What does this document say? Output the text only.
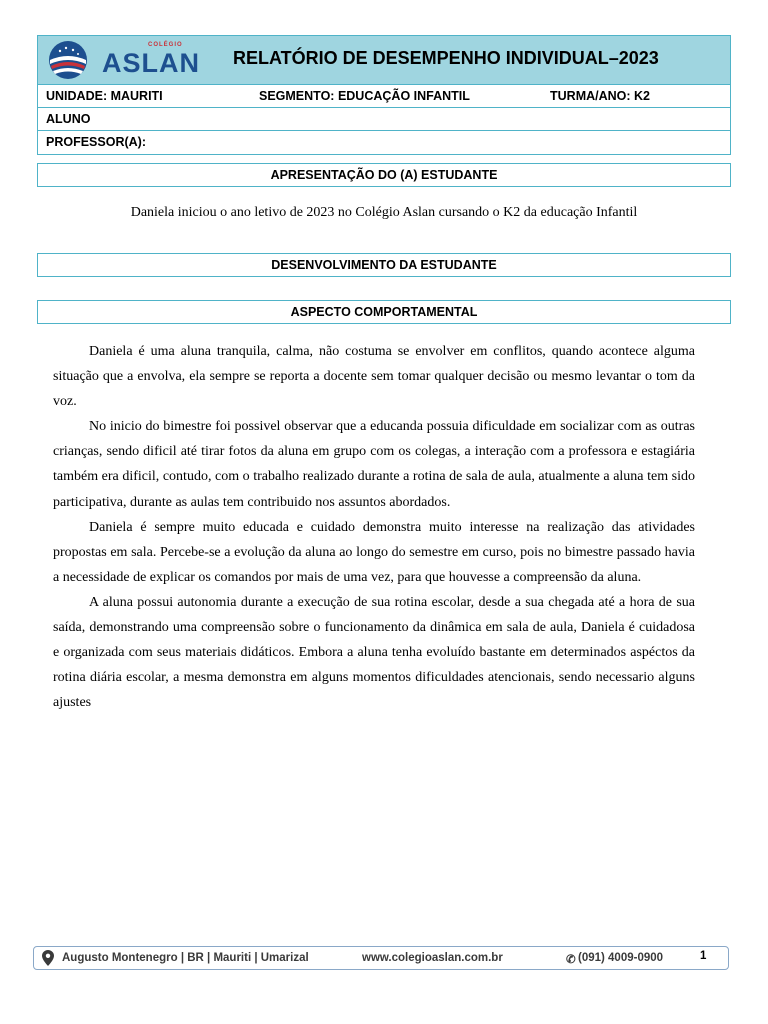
COLÉGIO
ASLAN RELATÓRIO DE DESEMPENHO INDIVIDUAL–2023
UNIDADE: MAURITI	SEGMENTO: EDUCAÇÃO INFANTIL	TURMA/ANO: K2
ALUNO
PROFESSOR(A):
APRESENTAÇÃO DO (A) ESTUDANTE
Daniela iniciou o ano letivo de 2023 no Colégio Aslan cursando o K2 da educação Infantil
DESENVOLVIMENTO DA ESTUDANTE
ASPECTO COMPORTAMENTAL

Daniela é uma aluna tranquila, calma, não costuma se envolver em conflitos, quando acontece alguma situação que a envolva, ela sempre se reporta a docente sem tomar qualquer decisão ou mesmo levantar o tom da voz.

No inicio do bimestre foi possivel observar que a educanda possuia dificuldade em socializar com as outras crianças, sendo dificil até tirar fotos da aluna em grupo com os colegas, a interação com a professora e estagiária também era dificil, contudo, com o trabalho realizado durante a rotina de sala de aula, atualmente a aluna tem sido participativa, durante as aulas tem contribuido nos assuntos abordados.

Daniela é sempre muito educada e cuidado demonstra muito interesse na realização das atividades propostas em sala. Percebe-se a evolução da aluna ao longo do semestre em curso, pois no bimestre passado havia a necessidade de explicar os comandos por mais de uma vez, para que houvesse a compreensão da aluna.

A aluna possui autonomia durante a execução de sua rotina escolar, desde a sua chegada até a hora de sua saída, demonstrando uma compreensão sobre o funcionamento da dinâmica em sala de aula, Daniela é cuidadosa e organizada com seus materiais didáticos. Embora a aluna tenha evoluído bastante em determinados aspéctos da rotina diária escolar, a mesma demonstra em alguns momentos dificuldades atencionais, sendo necessario alguns ajustes

Augusto Montenegro | BR | Mauriti | Umarizal	www.colegioaslan.com.br	✆ (091) 4009-0900	1
